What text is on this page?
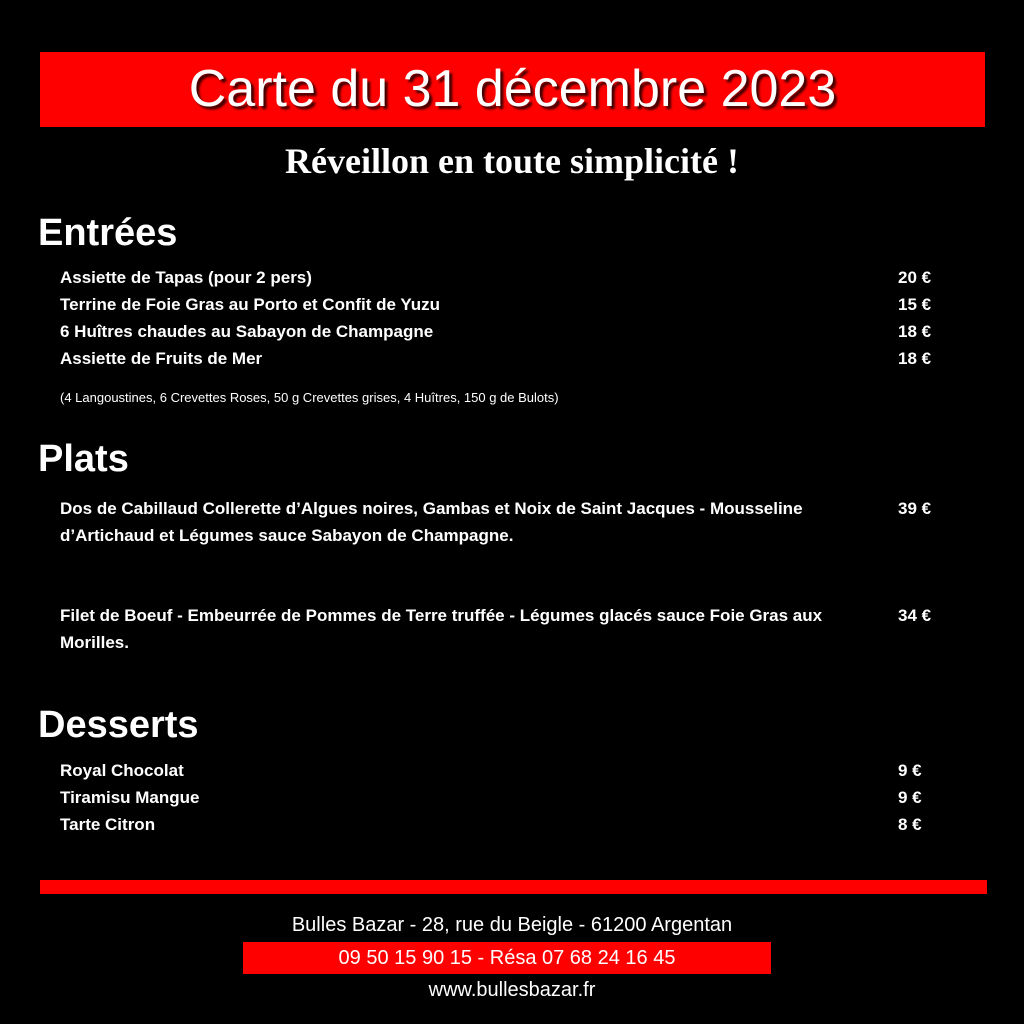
Carte du 31 décembre 2023
Réveillon en toute simplicité !
Entrées
Assiette de Tapas (pour 2 pers)	20 €
Terrine de Foie Gras au Porto et Confit de Yuzu	15 €
6 Huîtres chaudes au Sabayon de Champagne	18 €
Assiette de Fruits de Mer	18 €
(4 Langoustines, 6 Crevettes Roses, 50 g Crevettes grises, 4 Huîtres, 150 g de Bulots)
Plats
Dos de Cabillaud Collerette d’Algues noires, Gambas et Noix de Saint Jacques - Mousseline d’Artichaud et Légumes sauce Sabayon de Champagne.
39 €
Filet de Boeuf - Embeurrée de Pommes de Terre truffée - Légumes glacés sauce Foie Gras aux Morilles.
34 €
Desserts
Royal Chocolat	9 €
Tiramisu Mangue	9 €
Tarte Citron	8 €
Bulles Bazar - 28, rue du Beigle - 61200 Argentan
09 50 15 90 15 - Résa 07 68 24 16 45
www.bullesbazar.fr
